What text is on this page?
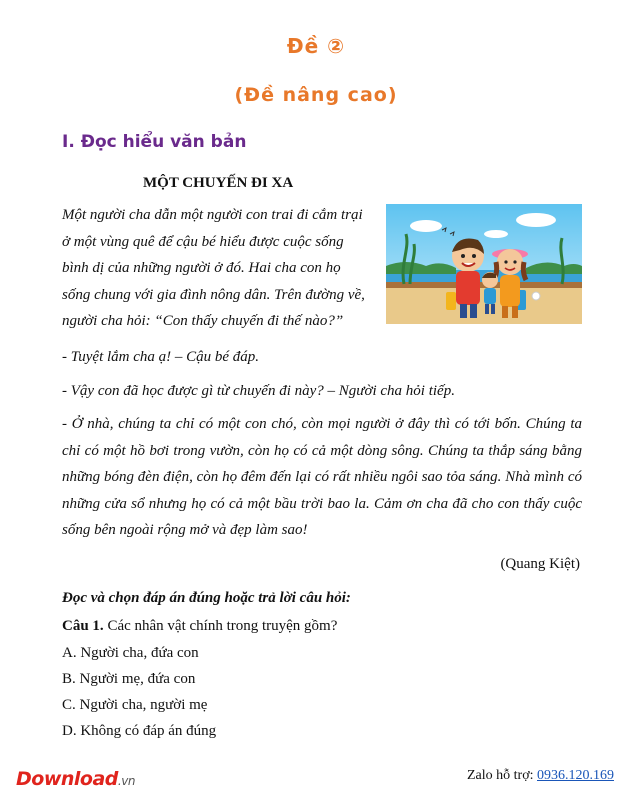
Đề ②
(Đề nâng cao)
I. Đọc hiểu văn bản
MỘT CHUYẾN ĐI XA
Một người cha dẫn một người con trai đi cắm trại
ở một vùng quê để cậu bé hiểu được cuộc sống
bình dị của những người ở đó. Hai cha con họ
sống chung với gia đình nông dân. Trên đường về,
người cha hỏi: “Con thấy chuyến đi thế nào?”
- Tuyệt lắm cha ạ! – Cậu bé đáp.
- Vậy con đã học được gì từ chuyến đi này? – Người cha hỏi tiếp.
- Ở nhà, chúng ta chỉ có một con chó, còn mọi người ở đây thì có tới bốn. Chúng ta chỉ có một hồ bơi trong vườn, còn họ có cả một dòng sông. Chúng ta thắp sáng bằng những bóng đèn điện, còn họ đêm đến lại có rất nhiều ngôi sao tỏa sáng. Nhà mình có những cửa sổ nhưng họ có cả một bầu trời bao la. Cảm ơn cha đã cho con thấy cuộc sống bên ngoài rộng mở và đẹp làm sao!
(Quang Kiệt)
Đọc và chọn đáp án đúng hoặc trả lời câu hỏi:
Câu 1. Các nhân vật chính trong truyện gồm?
A. Người cha, đứa con
B. Người mẹ, đứa con
C. Người cha, người mẹ
D. Không có đáp án đúng
Download.vn	Zalo hỗ trợ: 0936.120.169
